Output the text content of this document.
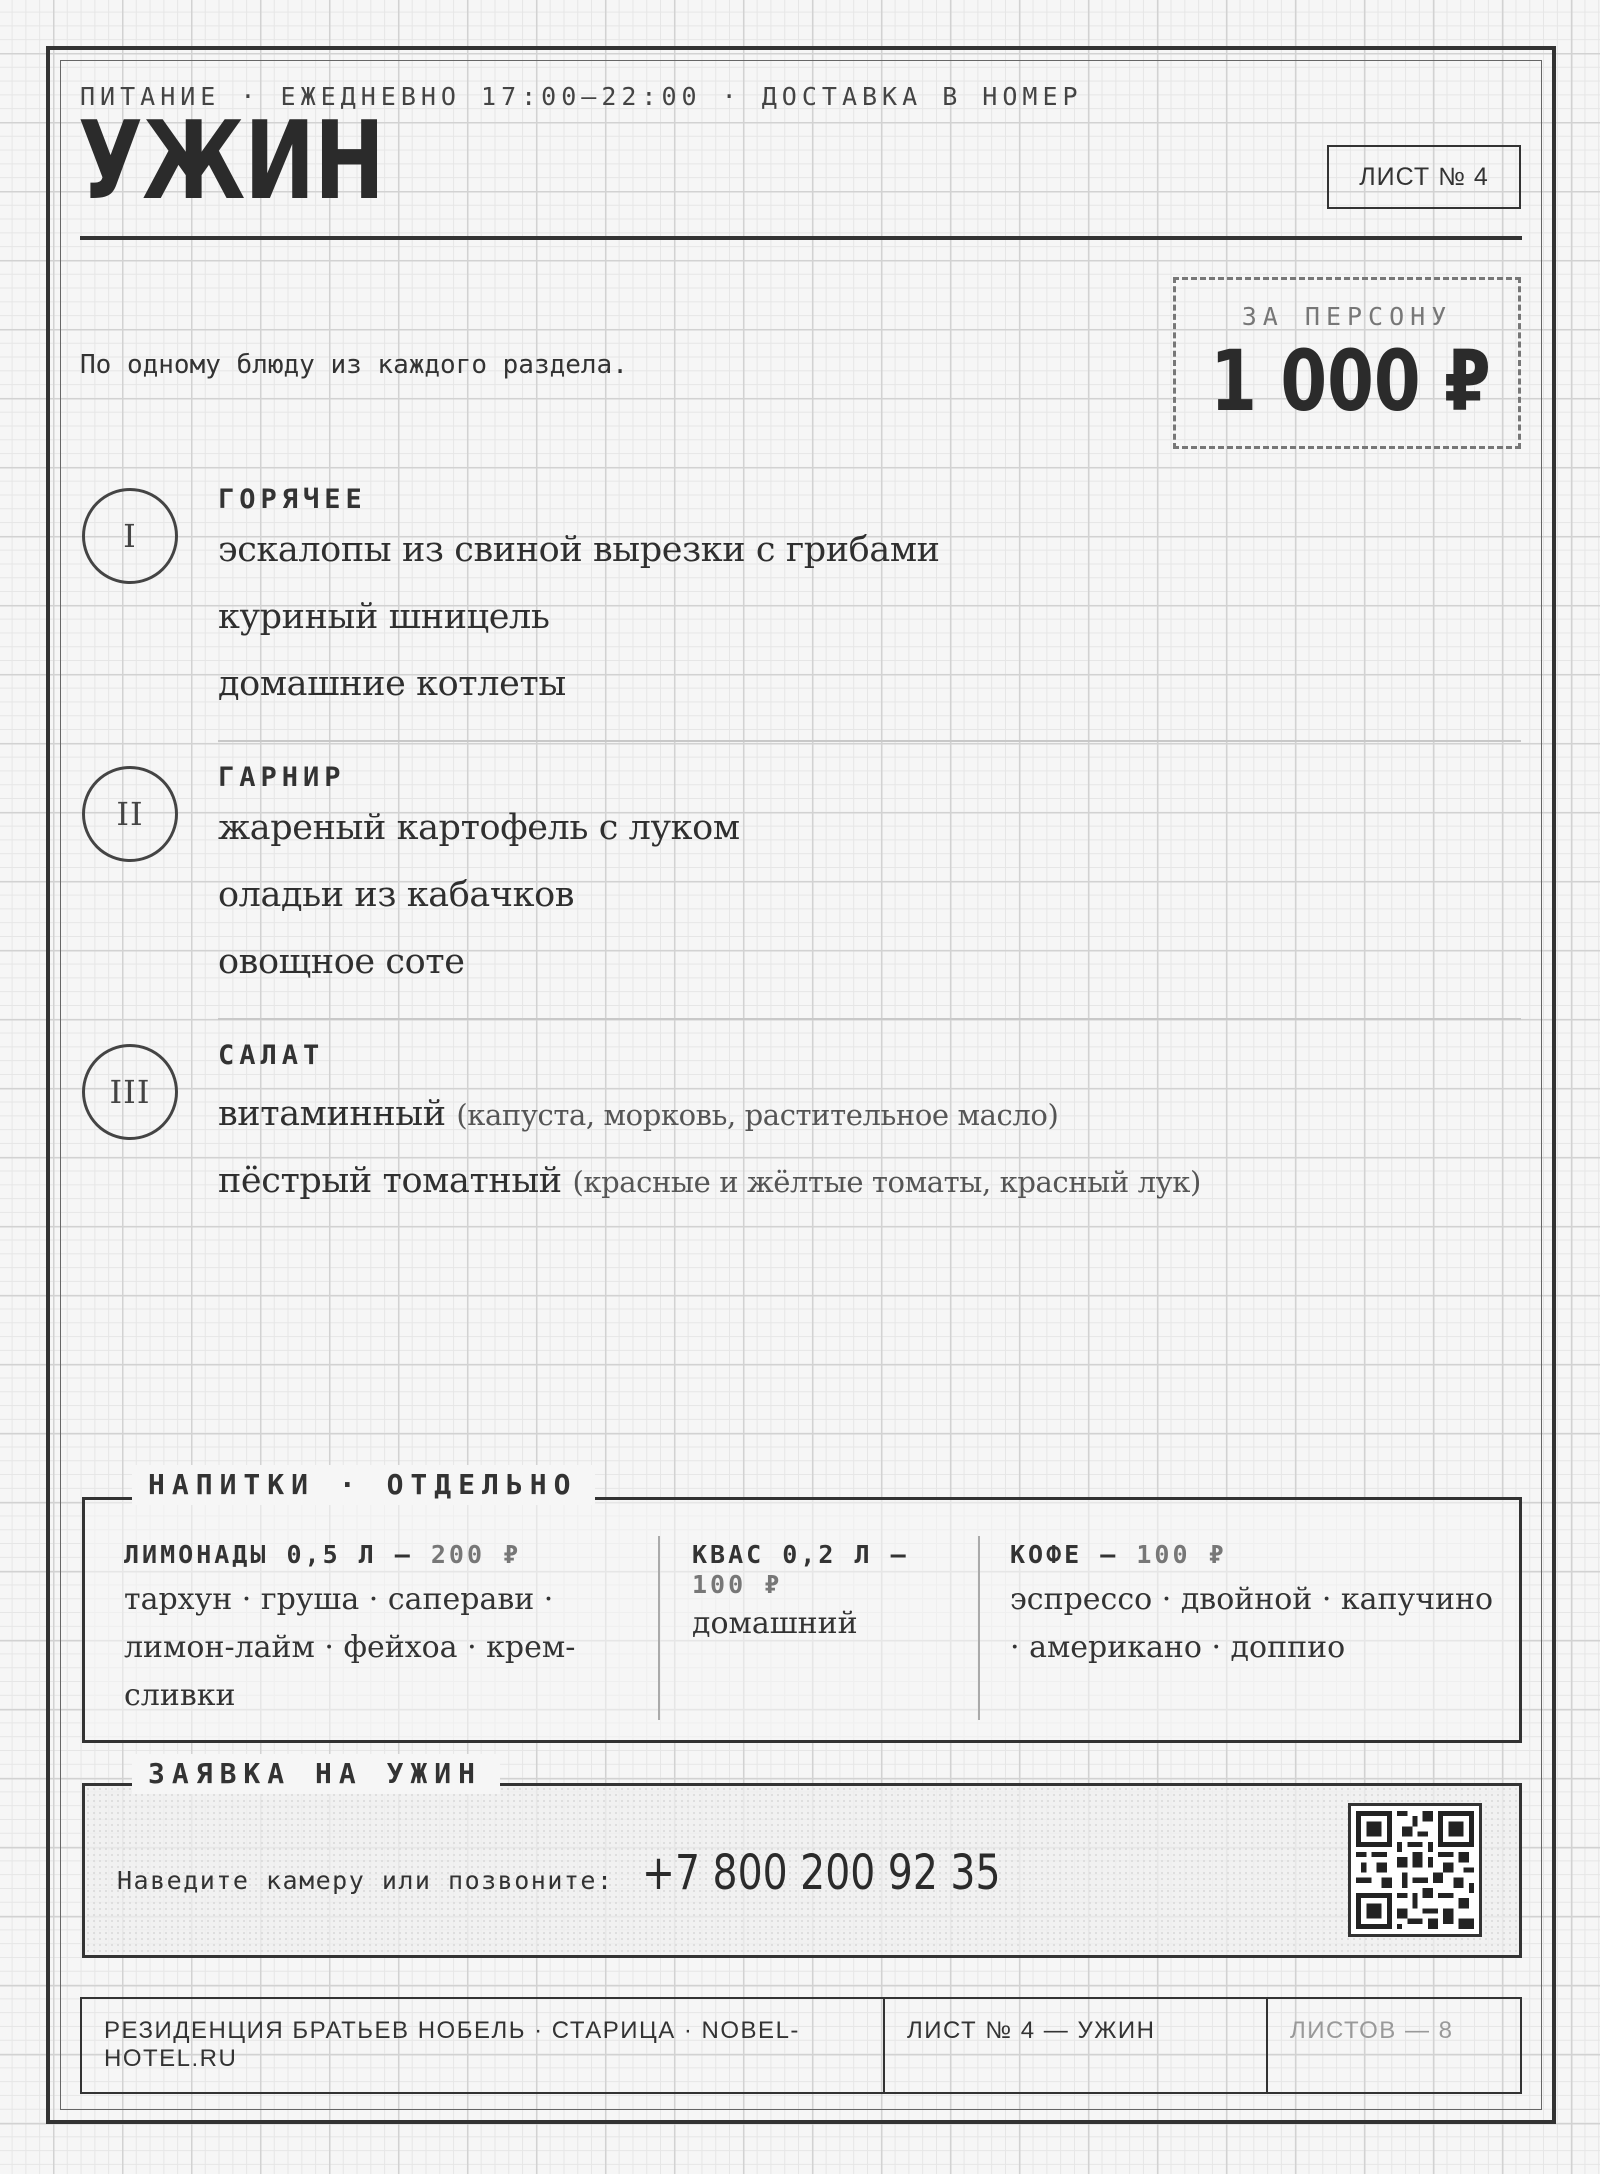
ПИТАНИЕ · ЕЖЕДНЕВНО 17:00–22:00 · ДОСТАВКА В НОМЕР
УЖИН	ЛИСТ № 4
По одному блюду из каждого раздела.
ЗА ПЕРСОНУ
1 000 ₽
I
ГОРЯЧЕЕ
эскалопы из свиной вырезки с грибами
куриный шницель
домашние котлеты
II
ГАРНИР
жареный картофель с луком
оладьи из кабачков
овощное соте
III
САЛАТ
витаминный (капуста, морковь, растительное масло)
пёстрый томатный (красные и жёлтые томаты, красный лук)
НАПИТКИ · ОТДЕЛЬНО
ЛИМОНАДЫ 0,5 Л — 200 ₽
тархун · груша · саперави ·
лимон-лайм · фейхоа · крем-
сливки
КВАС 0,2 Л —
100 ₽
домашний
КОФЕ — 100 ₽
эспрессо · двойной · капучино
· американо · доппио
ЗАЯВКА НА УЖИН
Наведите камеру или позвоните: +7 800 200 92 35
РЕЗИДЕНЦИЯ БРАТЬЕВ НОБЕЛЬ · СТАРИЦА · NOBEL-
HOTEL.RU
ЛИСТ № 4 — УЖИН	ЛИСТОВ — 8
